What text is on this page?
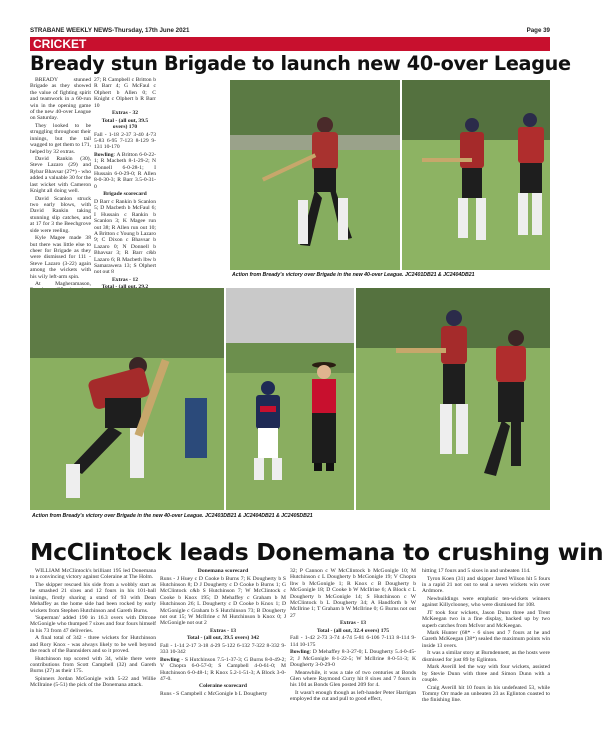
STRABANE WEEKLY NEWS-Thursday, 17th June 2021	Page 39
CRICKET
Bready stun Brigade to launch new 40-over League

BREADY stunned Brigade as they showed the value of fighting spirit and teamwork in a 60-run win in the opening game of the new 40-over League on Saturday.

They looked to be struggling throughout their innings, but the tail wagged to get them to 171, helped by 32 extras.

David Rankin (30), Steve Lazaro (29) and Rybar Bhavsar (27*) - who added a valuable 30 for the last wicket with Cameron Knight all doing well.

David Scanlon struck two early blows, with David Rankin taking stunning slip catches, and at 17 for 3 the Beechgrove side were reeling.

Kyle Magee made 38 but there was little else to cheer for Brigade as they were dismissed for 111 - Steve Lazaro (3-22) again among the wickets with his wily left-arm spin.

At Magheramason,

27; R Campbell c Britton b R Barr 4; G McFaul c Olphert b Allen 0; C Knight c Olphert b R Barr 10

Extras - 32

Total - (all out, 39.5 overs) 170

Fall - 1-18 2-37 3-40 4-73 5-83 6-95 7-123 8-129 9-131 10-170

Bowling: A Britton 6-0-22-1; R Macbeth 8-1-29-2; N Donnell 6-0-28-1; I Hussain 6-0-29-0; R Allen 8-0-30-3; R Barr 3.5-0-31-0

Brigade scorecard

D Barr c Rankin b Scanlon 5; D Macbeth b McFaul 6; I Hussain c Rankin b Scanlon 3; K Magee run out 38; R Allen run out 10; A Britton c Young b Lazaro 9; C Dixon c Bhavsar b Lazaro 0; N Donnell b Bhavsar 3; R Barr c&b Lazaro 6; R Macbeth lbw b Samarawera 13; S Olphert not out 8

Extras - 12

Action from Bready's victory over Brigade in the new 40-over League. JC2401DB21 & JC2404DB21
Action from Bready's victory over Brigade in the new 40-over League. JC2403DB21 & JC2404DB21 & JC2405DB21
McClintock leads Donemana to crushing win

WILLIAM McClintock's brilliant 195 led Donemana to a convincing victory against Coleraine at The Holm.

The skipper rescued his side from a wobbly start as he smashed 21 sixes and 12 fours in his 101-ball innings, firstly sharing a stand of 93 with Dean Mehaffey as the home side had been rocked by early wickets from Stephen Hutchinson and Gareth Burns.

'Superman' added 190 in 16.3 overs with Ditrone McGonigle who thumped 7 sixes and four fours himself in his 73 from 47 deliveries.

A final total of 342 - three wickets for Hutchinson and Rory Knox - was always likely to be well beyond the reach of the Bannsiders and so it proved.

Hutchinson top scored with 34, while there were contributions from Scott Campbell (32) and Gareth Burns (27) as their 175.

Spinners Jordan McGonigle with 5-22 and Willie McIlraine (5-51) the pick of the Donemana attack.

Donemana scorecard

Runs - J Huey c D Cooke b Burns 7; K Dougherty b S Hutchinson 8; D J Dougherty c D Cooke b Burns 1; G McClintock c&b S Hutchinson 7; W McClintock c Cooke b Knox 195; D Mehaffey c Graham b M Hutchinson 26; L Dougherty c D Cooke b Knox 1; D McGonigle c Graham b S Hutchinson 73; B Dougherty not out 15; W McIlrine c M Hutchinson b Knox 0; J McGonigle not out 2

Extras - 13

Total - (all out, 39.5 overs) 342

Fall - 1-14 2-17 3-18 4-29 5-122 6-132 7-322 8-332 9-333 10-342

Bowling - S Hutchinson 7.5-1-37-3; G Burns 8-0-49-2; V Chopra 6-0-57-0; S Campbell 4-0-61-0; M Hutchinson 6-0-48-1; R Knox 5.2-1-51-3; A Block 3-0-47-0.

Coleraine scorecard

Runs - S Campbell c McGonigle b L Dougherty

32; P Cannon c W McClintock b McGonigle 10; M Hutchinson c L Dougherty b McGonigle 19; V Chopra lbw b McGonigle 1; R Knox c B Dougherty b McGonigle 18; D Cooke b W McIlrine 6; A Block c L Dougherty b McGonigle 14; S Hutchinson c W McClintock b L Dougherty 34; A Handforth b W McIlrine 1; T Graham b W McIlrine 0; G Burns not out 27

Extras - 13

Total - (all out, 32.4 overs) 175

Fall - 1-42 2-73 3-74 4-74 5-81 6-106 7-113 8-114 9-114 10-175

Bowling: D Mehaffey 8-3-27-0; L Dougherty 5.4-0-45-2; J McGonigle 8-1-22-5; W McIlrine 8-0-51-3; K Dougherty 3-0-29-0

Meanwhile, it was a tale of two centuries at Bonds Glen where Raymond Curry hit 8 sixes and 7 fours in his 104 as Bonds Glen posted 209 for 4.

It wasn't enough though as left-hander Peter Harrigan employed the cut and pull to good effect,

hitting 17 fours and 5 sixes in and unbeaten 114.

Tyron Koen (31) and skipper Jared Wilson hit 5 fours in a rapid 21 not out to seal a seven wickets win over Ardmore.

Newbuildings were emphatic ten-wickets winners against Killyclooney, who were dismissed for 108.

JT took four wickets, Jason Dunn three and Trent McKeegan two in a fine display, backed up by two superb catches from McIvor and McKeegan.

Mark Hunter (68* - 6 sixes and 7 fours at he and Gareth McKeegan (38*) sealed the maximum points win inside 13 overs.

It was a similar story at Burndennett, as the hosts were dismissed for just 89 by Eglinton.

Mark Averill led the way with four wickets, assisted by Stevie Dunn with three and Simon Dunn with a couple.

Craig Averill hit 10 fours in his undefeated 53, while Tommy Orr made an unbeaten 23 as Eglinton coasted to the finishing line.
